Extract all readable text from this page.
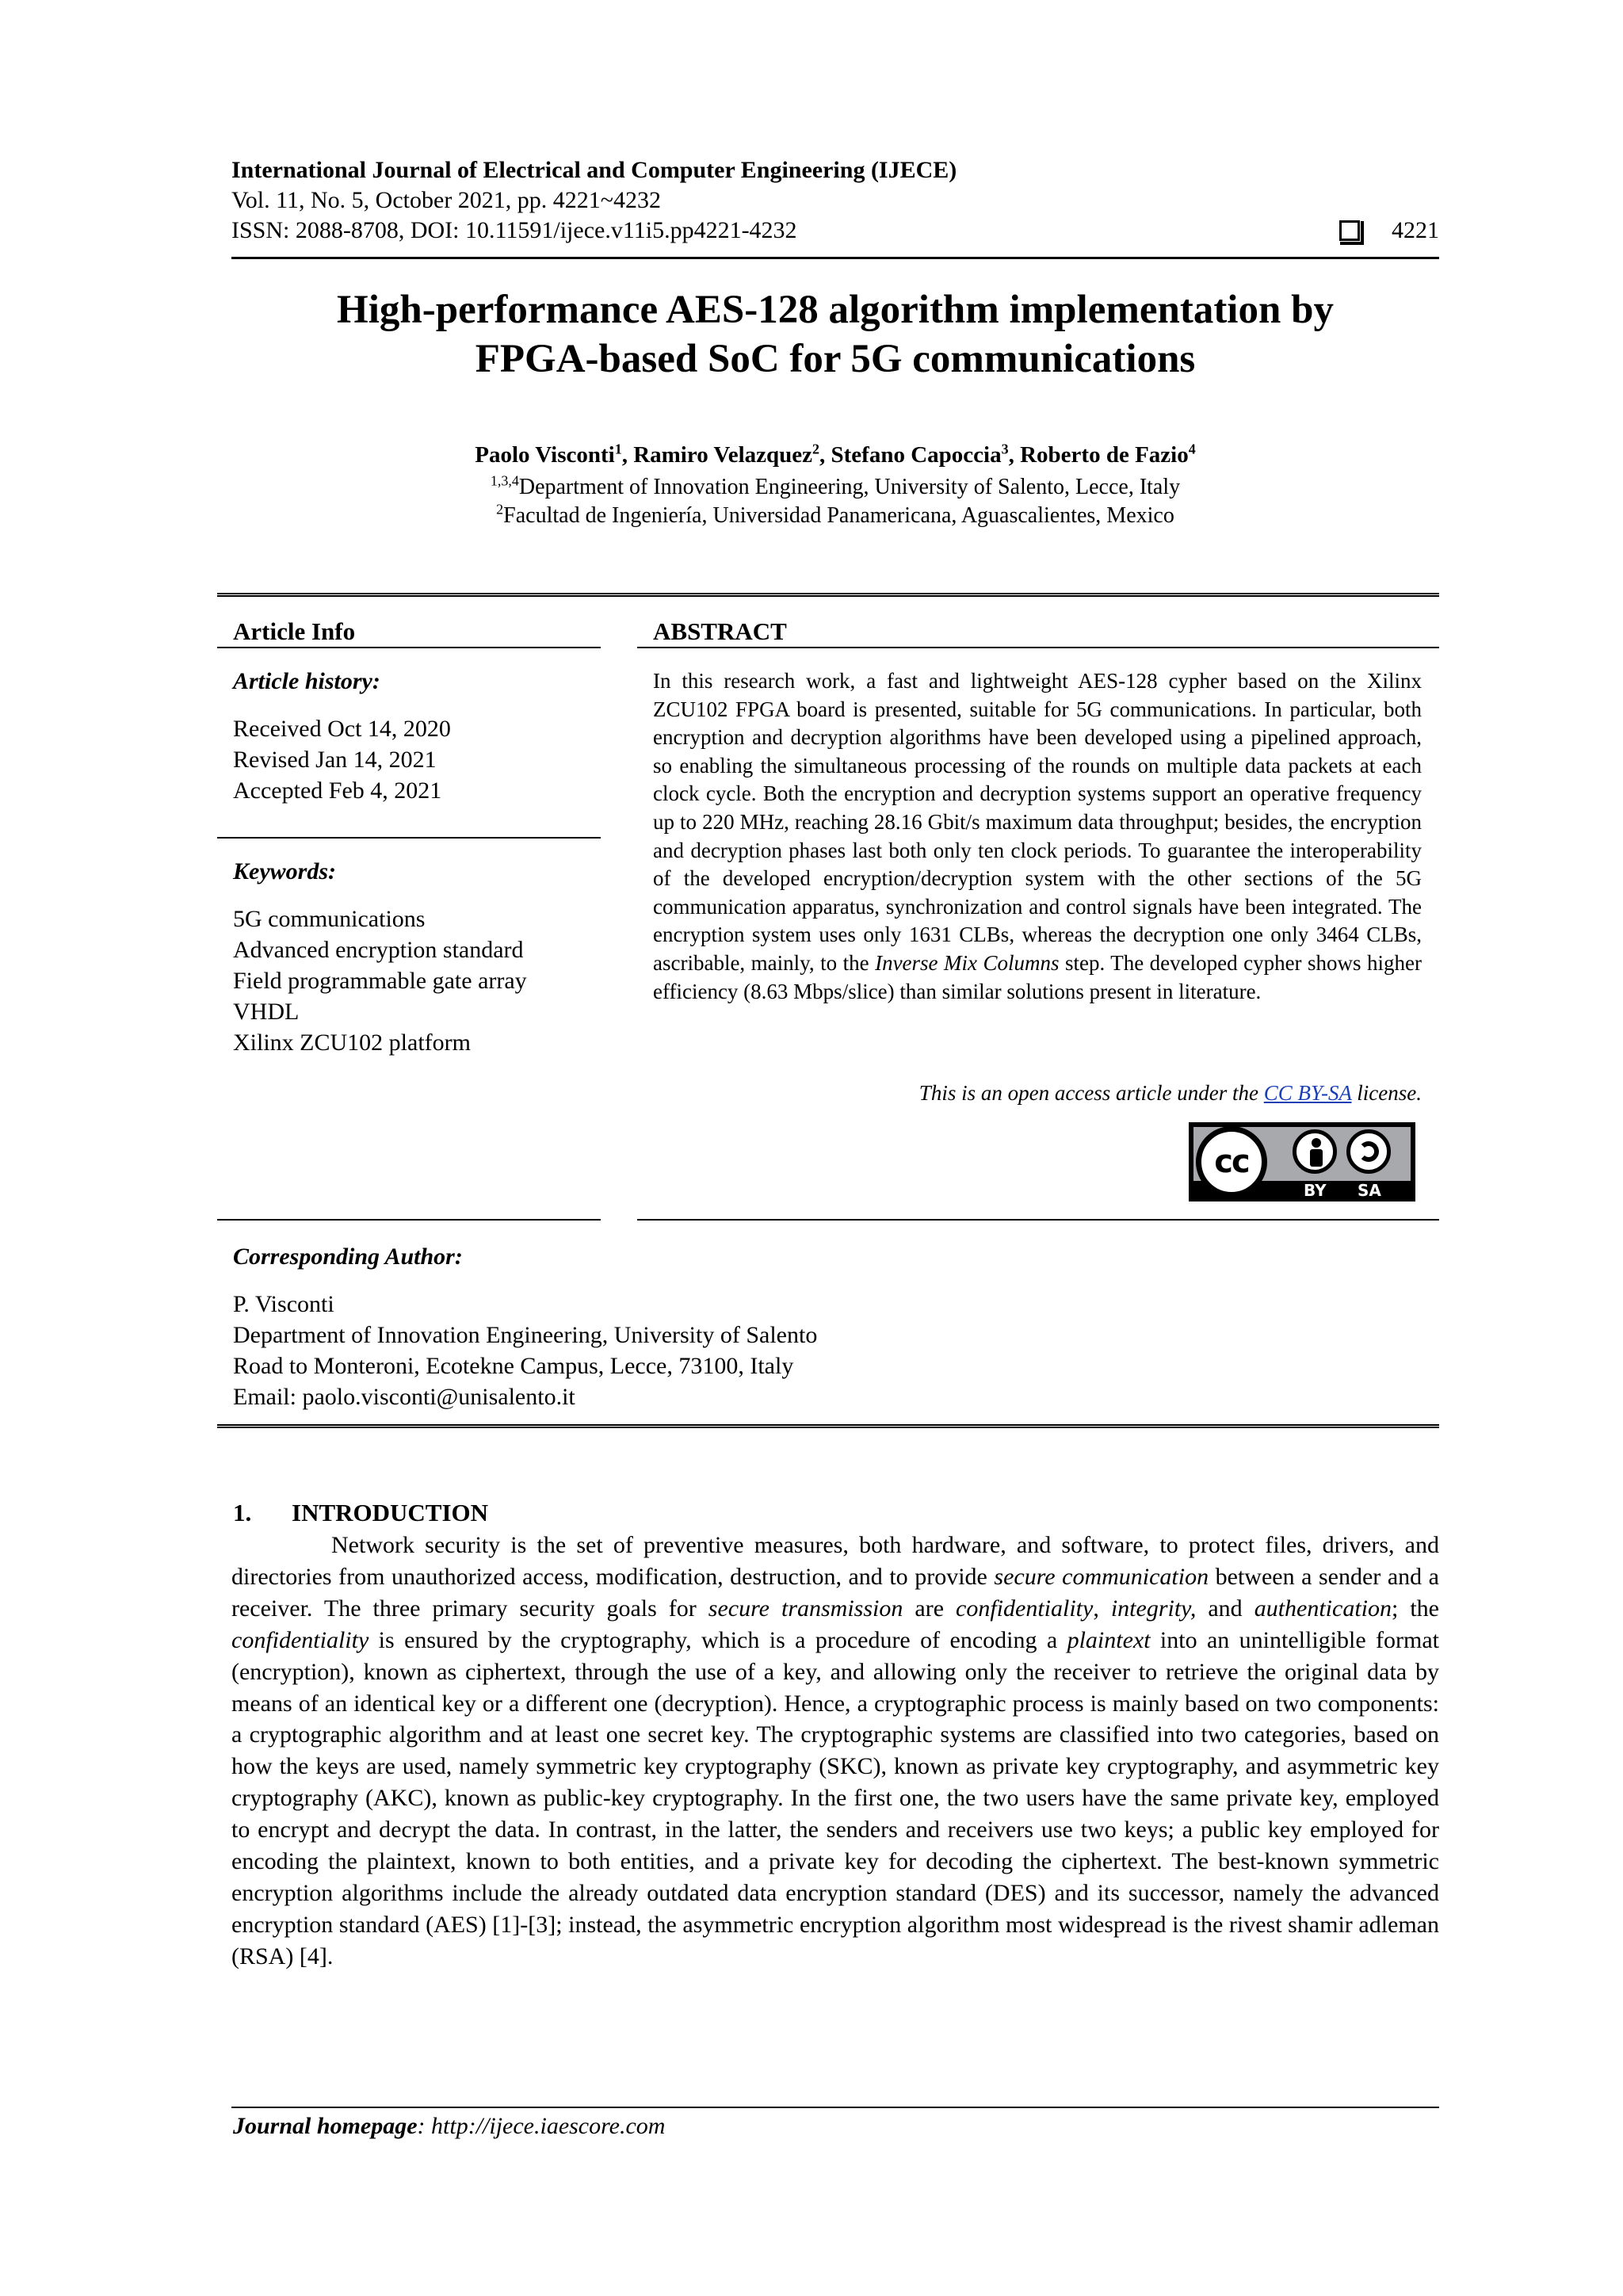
International Journal of Electrical and Computer Engineering (IJECE)
Vol. 11, No. 5, October 2021, pp. 4221~4232
ISSN: 2088-8708, DOI: 10.11591/ijece.v11i5.pp4221-4232	4221
High-performance AES-128 algorithm implementation by
FPGA-based SoC for 5G communications
Paolo Visconti$^1$, Ramiro Velazquez$^2$, Stefano Capoccia$^3$, Roberto de Fazio$^4$
$^{1,3,4}$Department of Innovation Engineering, University of Salento, Lecce, Italy
$^2$Facultad de Ingeniería, Universidad Panamericana, Aguascalientes, Mexico
Article Info
Article history:
Received Oct 14, 2020
Revised Jan 14, 2021
Accepted Feb 4, 2021
Keywords:
5G communications
Advanced encryption standard
Field programmable gate array
VHDL
Xilinx ZCU102 platform
ABSTRACT
In this research work, a fast and lightweight AES-128 cypher based on the Xilinx ZCU102 FPGA board is presented, suitable for 5G communications. In particular, both encryption and decryption algorithms have been developed using a pipelined approach, so enabling the simultaneous processing of the rounds on multiple data packets at each clock cycle. Both the encryption and decryption systems support an operative frequency up to 220 MHz, reaching 28.16 Gbit/s maximum data throughput; besides, the encryption and decryption phases last both only ten clock periods. To guarantee the interoperability of the developed encryption/decryption system with the other sections of the 5G communication apparatus, synchronization and control signals have been integrated. The encryption system uses only 1631 CLBs, whereas the decryption one only 3464 CLBs, ascribable, mainly, to the Inverse Mix Columns step. The developed cypher shows higher efficiency (8.63 Mbps/slice) than similar solutions present in literature.
This is an open access article under the CC BY-SA license.
cc
BY SA
Corresponding Author:
P. Visconti
Department of Innovation Engineering, University of Salento
Road to Monteroni, Ecotekne Campus, Lecce, 73100, Italy
Email: paolo.visconti@unisalento.it
1. INTRODUCTION
Network security is the set of preventive measures, both hardware, and software, to protect files, drivers, and directories from unauthorized access, modification, destruction, and to provide secure communication between a sender and a receiver. The three primary security goals for secure transmission are confidentiality, integrity, and authentication; the confidentiality is ensured by the cryptography, which is a procedure of encoding a plaintext into an unintelligible format (encryption), known as ciphertext, through the use of a key, and allowing only the receiver to retrieve the original data by means of an identical key or a different one (decryption). Hence, a cryptographic process is mainly based on two components: a cryptographic algorithm and at least one secret key. The cryptographic systems are classified into two categories, based on how the keys are used, namely symmetric key cryptography (SKC), known as private key cryptography, and asymmetric key cryptography (AKC), known as public-key cryptography. In the first one, the two users have the same private key, employed to encrypt and decrypt the data. In contrast, in the latter, the senders and receivers use two keys; a public key employed for encoding the plaintext, known to both entities, and a private key for decoding the ciphertext. The best-known symmetric encryption algorithms include the already outdated data encryption standard (DES) and its successor, namely the advanced encryption standard (AES) [1]-[3]; instead, the asymmetric encryption algorithm most widespread is the rivest shamir adleman (RSA) [4].
Journal homepage: http://ijece.iaescore.com
